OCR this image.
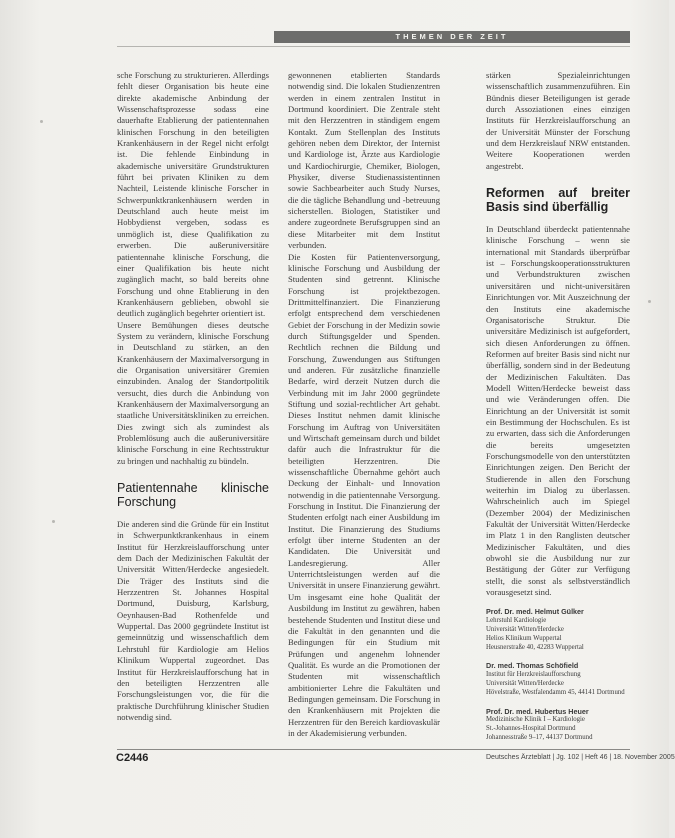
THEMEN DER ZEIT

sche Forschung zu strukturieren. Allerdings fehlt dieser Organisation bis heute eine direkte akademische Anbindung der Wissenschaftsprozesse sodass eine dauerhafte Etablierung der patientennahen klinischen Forschung in den beteiligten Krankenhäusern in der Regel nicht erfolgt ist. Die fehlende Einbindung in akademische universitäre Grundstrukturen führt bei privaten Kliniken zu dem Nachteil, Leistende klinische Forscher in Schwerpunktkrankenhäusern werden in Deutschland auch heute meist im Hobbydienst vergeben, sodass es unmöglich ist, diese Qualifikation zu erwerben. Die außeruniversitäre patientennahe klinische Forschung, die einer Qualifikation bis heute nicht zugänglich macht, so bald bereits ohne Forschung und ohne Etablierung in den Krankenhäusern geblieben, obwohl sie deutlich zugänglich begehrter orientiert ist.

Unsere Bemühungen dieses deutsche System zu verändern, klinische Forschung in Deutschland zu stärken, an den Krankenhäusern der Maximalversorgung in die Organisation universitärer Gremien einzubinden. Analog der Standortpolitik versucht, dies durch die Anbindung von Krankenhäusern der Maximalversorgung an staatliche Universitätskliniken zu erreichen. Dies zwingt sich als zumindest als Problemlösung auch die außeruniversitäre klinische Forschung in eine Rechtsstruktur zu bringen und nachhaltig zu bündeln.

Patientennahe klinische Forschung

Die anderen sind die Gründe für ein Institut in Schwerpunktkrankenhaus in einem Institut für Herzkreislaufforschung unter dem Dach der Medizinischen Fakultät der Universität Witten/Herdecke angesiedelt. Die Träger des Instituts sind die Herzzentren St. Johannes Hospital Dortmund, Duisburg, Karlsburg, Oeynhausen-Bad Rothenfelde und Wuppertal. Das 2000 gegründete Institut ist gemeinnützig und wissenschaftlich dem Lehrstuhl für Kardiologie am Helios Klinikum Wuppertal zugeordnet. Das Institut für Herzkreislaufforschung hat in den beteiligten Herzzentren alle Forschungsleistungen vor, die für die praktische Durchführung klinischer Studien notwendig sind.

gewonnenen etablierten Standards notwendig sind. Die lokalen Studienzentren werden in einem zentralen Institut in Dortmund koordiniert. Die Zentrale steht mit den Herzzentren in ständigem engem Kontakt. Zum Stellenplan des Instituts gehören neben dem Direktor, der Internist und Kardiologe ist, Ärzte aus Kardiologie und Kardiochirurgie, Chemiker, Biologen, Physiker, diverse Studienassistentinnen sowie Sachbearbeiter auch Study Nurses, die die tägliche Behandlung und -betreuung sicherstellen. Biologen, Statistiker und andere zugeordnete Berufsgruppen sind an diese Mitarbeiter mit dem Institut verbunden.

Die Kosten für Patientenversorgung, klinische Forschung und Ausbildung der Studenten sind getrennt. Klinische Forschung ist projektbezogen. Drittmittelfinanziert. Die Finanzierung erfolgt entsprechend dem verschiedenen Gebiet der Forschung in der Medizin sowie durch Stiftungsgelder und Spenden. Rechtlich rechnen die Bildung und Forschung, Zuwendungen aus Stiftungen und anderen. Für zusätzliche finanzielle Bedarfe, wird derzeit Nutzen durch die Verbindung mit im Jahr 2000 gegründete Stiftung und sozial-rechtlicher Art gehabt. Dieses Institut nehmen damit klinische Forschung im Auftrag von Universitäten und Wirtschaft gemeinsam durch und bildet dafür auch die Infrastruktur für die beteiligten Herzzentren. Die wissenschaftliche Übernahme gehört auch Deckung der Einhalt- und Innovation notwendig in die patientennahe Versorgung. Forschung in Institut. Die Finanzierung der Studenten erfolgt nach einer Ausbildung im Institut. Die Finanzierung des Studiums erfolgt über interne Studenten an der Kandidaten. Die Universität und Landesregierung. Aller Unterrichtsleistungen werden auf die Universität in unsere Finanzierung gewährt. Um insgesamt eine hohe Qualität der Ausbildung im Institut zu gewähren, haben bestehende Studenten und Institut diese und die Fakultät in den genannten und die Bedingungen für ein Studium mit Prüfungen und angenehm lohnender Qualität. Es wurde an die Promotionen der Studenten mit wissenschaftlich ambitionierter Lehre die Fakultäten und Bedingungen gemeinsam. Die Forschung in den Krankenhäusern mit Projekten die Herzzentren für den Bereich kardiovaskulär in der Akademisierung verbunden.

stärken Spezialeinrichtungen wissenschaftlich zusammenzuführen. Ein Bündnis dieser Beteiligungen ist gerade durch Assoziationen eines einzigen Instituts für Herzkreislaufforschung an der Universität Münster der Forschung und dem Herzkreislauf NRW entstanden. Weitere Kooperationen werden angestrebt.

Reformen auf breiter Basis sind überfällig

In Deutschland überdeckt patientennahe klinische Forschung – wenn sie international mit Standards überprüfbar ist – Forschungskooperationsstrukturen und Verbundstrukturen zwischen universitären und nicht-universitären Einrichtungen vor. Mit Auszeichnung der den Instituts eine akademische Organisatorische Struktur. Die universitäre Medizinisch ist aufgefordert, sich diesen Anforderungen zu öffnen. Reformen auf breiter Basis sind nicht nur überfällig, sondern sind in der Bedeutung der Medizinischen Fakultäten. Das Modell Witten/Herdecke beweist dass und wie Veränderungen offen. Die Einrichtung an der Universität ist somit ein Bestimmung der Hochschulen. Es ist zu erwarten, dass sich die Anforderungen die bereits umgesetzten Forschungsmodelle von den unterstützten Einrichtungen zeigen. Den Bericht der Studierende in allen den Forschung weiterhin im Dialog zu überlassen. Wahrscheinlich auch im Spiegel (Dezember 2004) der Medizinischen Fakultät der Universität Witten/Herdecke im Platz 1 in den Ranglisten deutscher Medizinischer Fakultäten, und dies obwohl sie die Ausbildung nur zur Bestätigung der Güter zur Verfügung stellt, die sonst als selbstverständlich vorausgesetzt sind.

Prof. Dr. med. Helmut Gülker
Lehrstuhl Kardiologie
Universität Witten/Herdecke
Helios Klinikum Wuppertal
Heusnerstraße 40, 42283 Wuppertal
Dr. med. Thomas Schöfield
Institut für Herzkreislaufforschung
Universität Witten/Herdecke
Hövelstraße, Westfalendamm 45, 44141 Dortmund
Prof. Dr. med. Hubertus Heuer
Medizinische Klinik I – Kardiologie
St.-Johannes-Hospital Dortmund
Johannesstraße 9–17, 44137 Dortmund
C2446	Deutsches Ärzteblatt | Jg. 102 | Heft 46 | 18. November 2005
